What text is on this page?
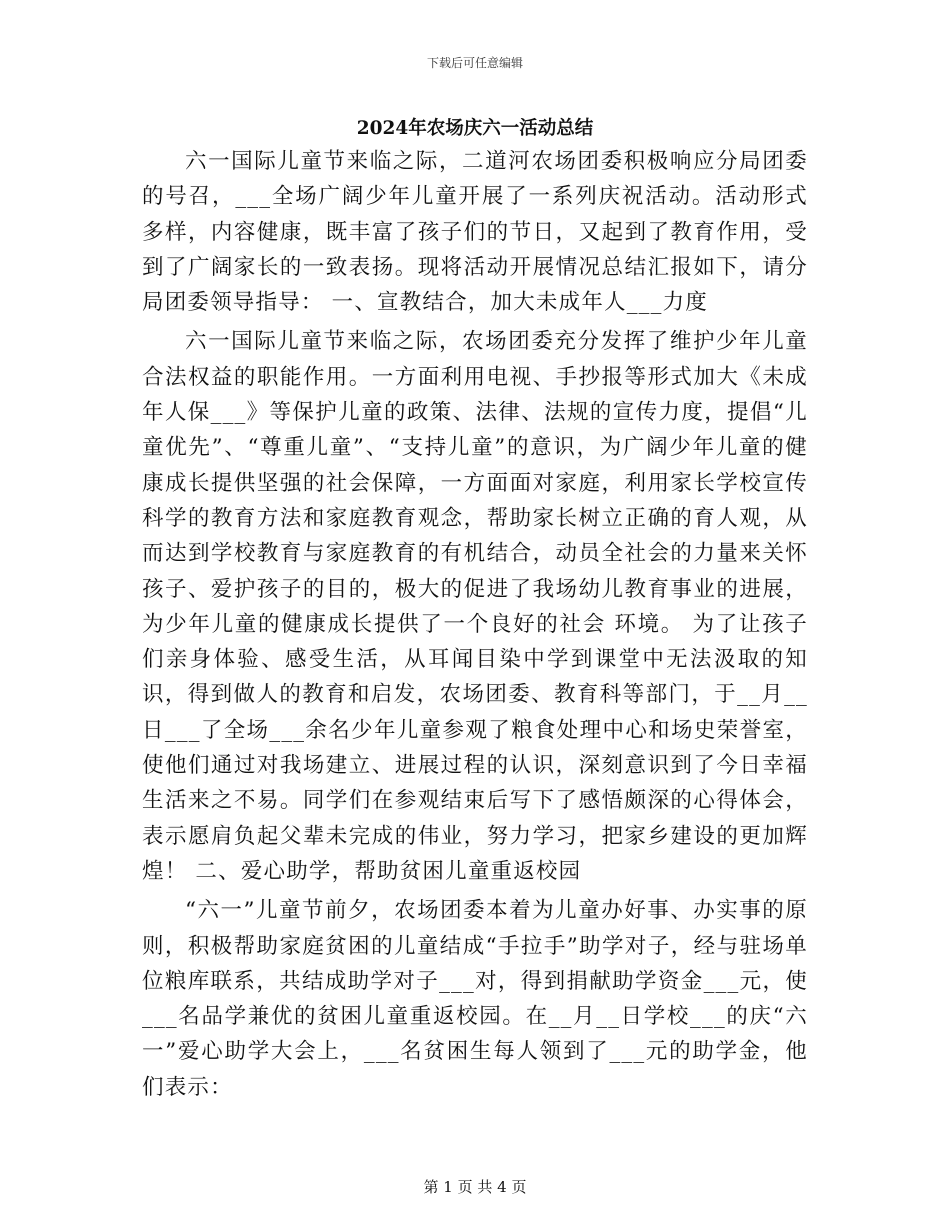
下载后可任意编辑
2024年农场庆六一活动总结

六一国际儿童节来临之际，二道河农场团委积极响应分局团委的号召，___全场广阔少年儿童开展了一系列庆祝活动。活动形式多样，内容健康，既丰富了孩子们的节日，又起到了教育作用，受到了广阔家长的一致表扬。现将活动开展情况总结汇报如下，请分局团委领导指导： 一、宣教结合，加大未成年人___力度

六一国际儿童节来临之际，农场团委充分发挥了维护少年儿童合法权益的职能作用。一方面利用电视、手抄报等形式加大《未成年人保___》等保护儿童的政策、法律、法规的宣传力度，提倡“儿童优先”、“尊重儿童”、“支持儿童”的意识，为广阔少年儿童的健康成长提供坚强的社会保障，一方面面对家庭，利用家长学校宣传科学的教育方法和家庭教育观念，帮助家长树立正确的育人观，从而达到学校教育与家庭教育的有机结合，动员全社会的力量来关怀孩子、爱护孩子的目的，极大的促进了我场幼儿教育事业的进展，为少年儿童的健康成长提供了一个良好的社会 环境。 为了让孩子们亲身体验、感受生活，从耳闻目染中学到课堂中无法汲取的知识，得到做人的教育和启发，农场团委、教育科等部门，于__月__日___了全场___余名少年儿童参观了粮食处理中心和场史荣誉室，使他们通过对我场建立、进展过程的认识，深刻意识到了今日幸福生活来之不易。同学们在参观结束后写下了感悟颇深的心得体会，表示愿肩负起父辈未完成的伟业，努力学习，把家乡建设的更加辉煌！ 二、爱心助学，帮助贫困儿童重返校园

“六一”儿童节前夕，农场团委本着为儿童办好事、办实事的原则，积极帮助家庭贫困的儿童结成“手拉手”助学对子，经与驻场单位粮库联系，共结成助学对子___对，得到捐献助学资金___元，使___名品学兼优的贫困儿童重返校园。在__月__日学校___的庆“六一”爱心助学大会上，___名贫困生每人领到了___元的助学金，他们表示：

第 1 页 共 4 页
